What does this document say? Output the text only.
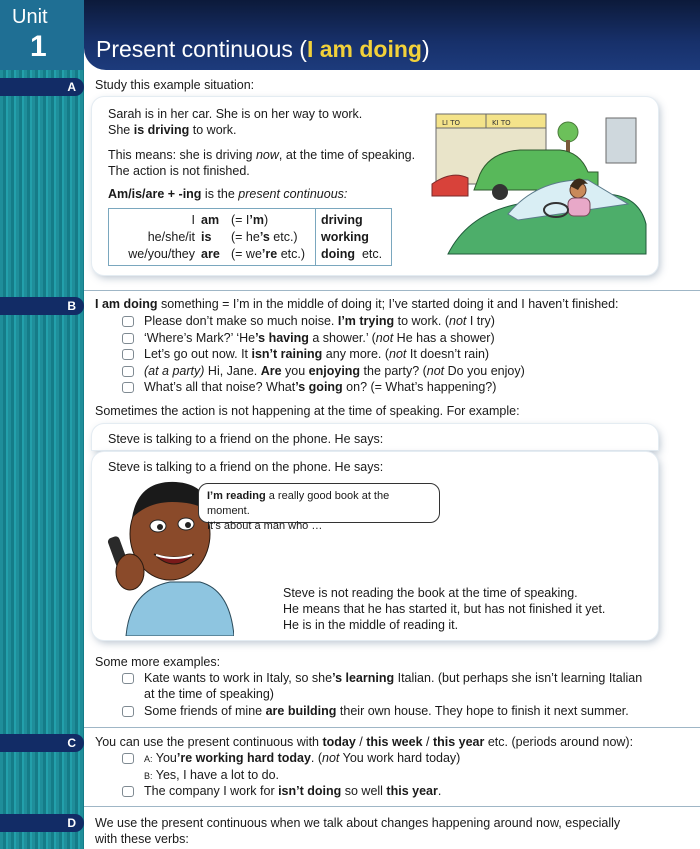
Unit
1 Present continuous (I am doing)
A Study this example situation:
Sarah is in her car. She is on her way to work.
She is driving to work.
This means: she is driving now, at the time of speaking.
The action is not finished.
Am/is/are + -ing is the present continuous:
I
he/she/it
we/you/they
am
is
are
(= I’m)
(= he’s etc.)
(= we’re etc.)
driving
working
doing etc.
LI TO	KI TO
B I am doing something = I’m in the middle of doing it; I’ve started doing it and I haven’t finished:
Please don’t make so much noise. I’m trying to work. (not I try)
‘Where’s Mark?’ ‘He’s having a shower.’ (not He has a shower)
Let’s go out now. It isn’t raining any more. (not It doesn’t rain)
(at a party) Hi, Jane. Are you enjoying the party? (not Do you enjoy)
What’s all that noise? What’s going on? (= What’s happening?)
Sometimes the action is not happening at the time of speaking. For example:
Steve is talking to a friend on the phone. He says:
Steve is talking to a friend on the phone. He says:
I’m reading a really good book at the moment.
It’s about a man who …
Steve is not reading the book at the time of speaking.
He means that he has started it, but has not finished it yet.
He is in the middle of reading it.
Some more examples:
Kate wants to work in Italy, so she’s learning Italian. (but perhaps she isn’t learning Italian
at the time of speaking)
Some friends of mine are building their own house. They hope to finish it next summer.
C You can use the present continuous with today / this week / this year etc. (periods around now):
A: You’re working hard today. (not You work hard today)
B: Yes, I have a lot to do.
The company I work for isn’t doing so well this year.
D We use the present continuous when we talk about changes happening around now, especially
with these verbs:
